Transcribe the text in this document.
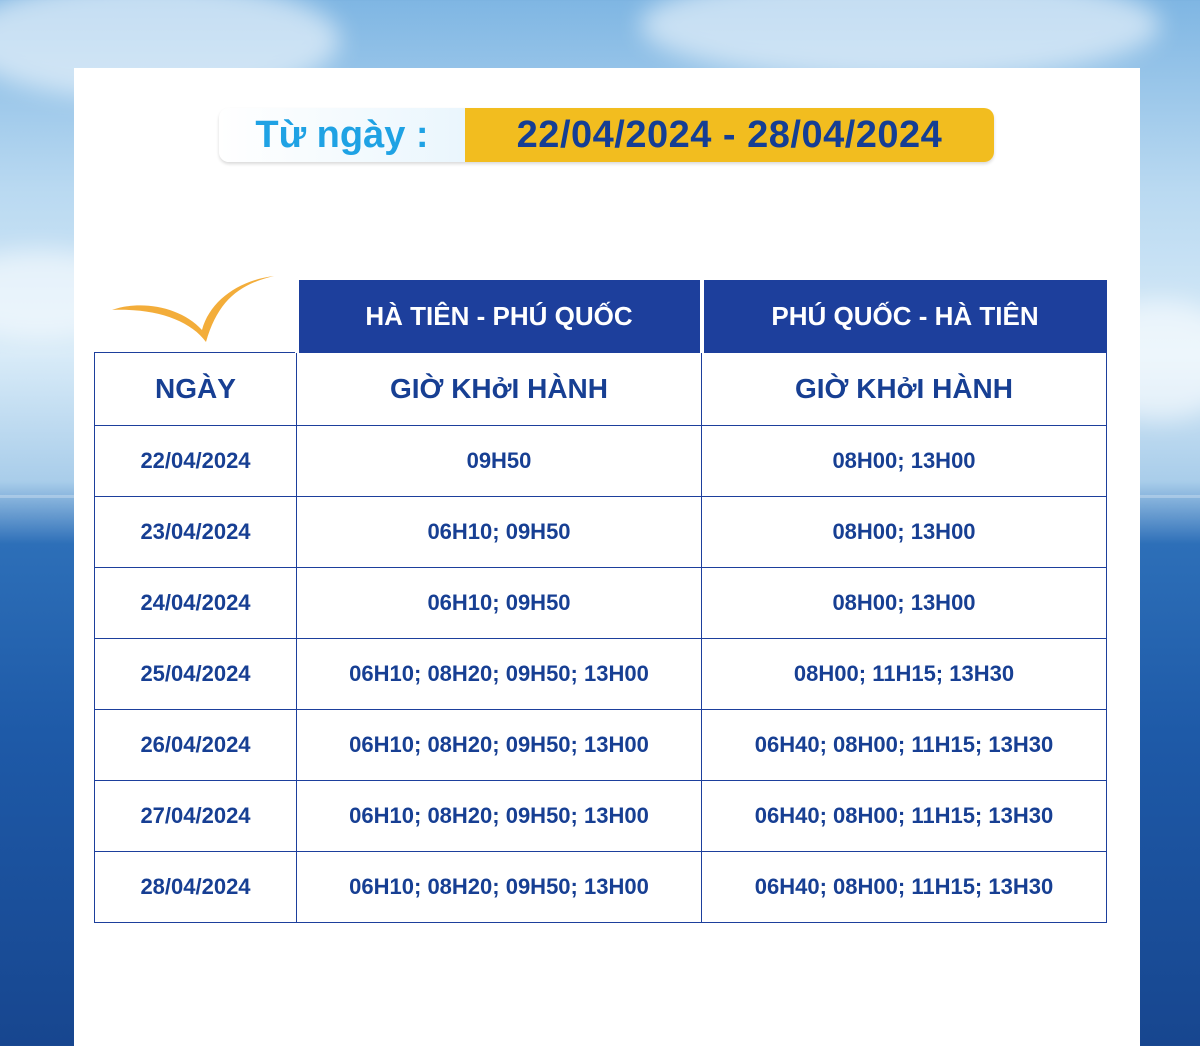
Từ ngày :	22/04/2024 - 28/04/2024
	HÀ TIÊN - PHÚ QUỐC	PHÚ QUỐC - HÀ TIÊN
NGÀY	GIỜ KHởI HÀNH	GIỜ KHởI HÀNH
22/04/2024	09H50	08H00; 13H00
23/04/2024	06H10; 09H50	08H00; 13H00
24/04/2024	06H10; 09H50	08H00; 13H00
25/04/2024	06H10; 08H20; 09H50; 13H00	08H00; 11H15; 13H30
26/04/2024	06H10; 08H20; 09H50; 13H00	06H40; 08H00; 11H15; 13H30
27/04/2024	06H10; 08H20; 09H50; 13H00	06H40; 08H00; 11H15; 13H30
28/04/2024	06H10; 08H20; 09H50; 13H00	06H40; 08H00; 11H15; 13H30
